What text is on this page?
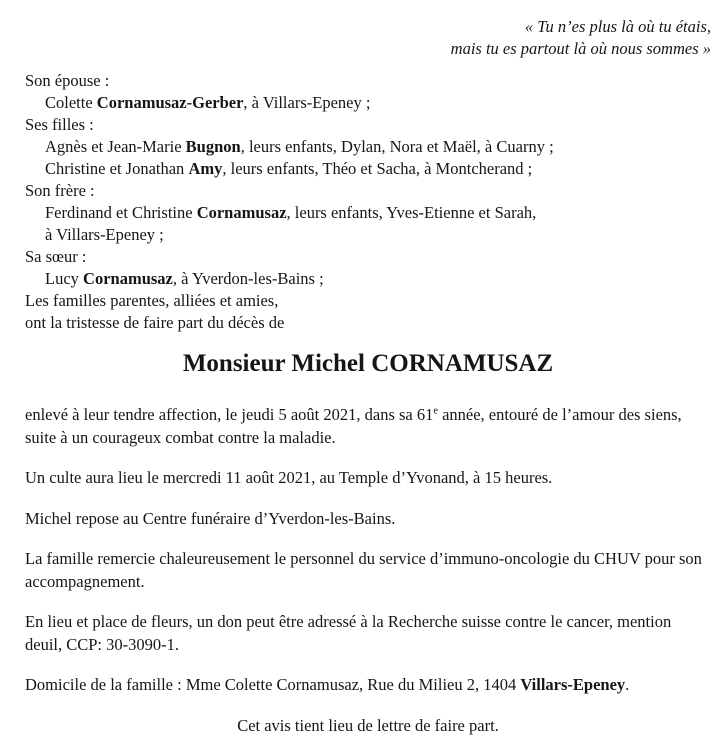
« Tu n’es plus là où tu étais,
mais tu es partout là où nous sommes »
Son épouse :
Colette Cornamusaz-Gerber, à Villars-Epeney ;
Ses filles :
Agnès et Jean-Marie Bugnon, leurs enfants, Dylan, Nora et Maël, à Cuarny ;
Christine et Jonathan Amy, leurs enfants, Théo et Sacha, à Montcherand ;
Son frère :
Ferdinand et Christine Cornamusaz, leurs enfants, Yves-Etienne et Sarah,
à Villars-Epeney ;
Sa sœur :
Lucy Cornamusaz, à Yverdon-les-Bains ;
Les familles parentes, alliées et amies,
ont la tristesse de faire part du décès de
Monsieur Michel CORNAMUSAZ

enlevé à leur tendre affection, le jeudi 5 août 2021, dans sa 61e année, entouré de l’amour des siens, suite à un courageux combat contre la maladie.

Un culte aura lieu le mercredi 11 août 2021, au Temple d’Yvonand, à 15 heures.

Michel repose au Centre funéraire d’Yverdon-les-Bains.

La famille remercie chaleureusement le personnel du service d’immuno-oncologie du CHUV pour son accompagnement.

En lieu et place de fleurs, un don peut être adressé à la Recherche suisse contre le cancer, mention deuil, CCP: 30-3090-1.

Domicile de la famille : Mme Colette Cornamusaz, Rue du Milieu 2, 1404 Villars-Epeney.

Cet avis tient lieu de lettre de faire part.
